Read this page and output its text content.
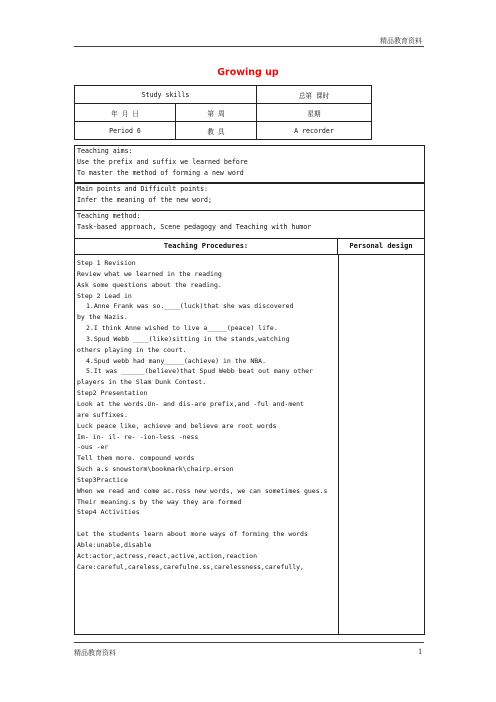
精品教育资料
Growing up
Study skills		总第 课时
年 月 日	第 周	星期
Period 6	教 具	A recorder
Teaching aims:
Use the prefix and suffix we learned before
To master the method of forming a new word
Main points and Difficult points:
Infer the meaning of the new word;
Teaching method:
Task-based approach, Scene pedagogy and Teaching with humor
Teaching Procedures:	Personal design
Step 1 Revision
Review what we learned in the reading
Ask some questions about the reading.
Step 2 Lead in
1.Anne Frank was so.____(luck)that she was discovered
by the Nazis.
2.I think Anne wished to live a_____(peace) life.
3.Spud Webb ____(like)sitting in the stands,watching
others playing in the court.
4.Spud webb had many_____(achieve) in the NBA.
5.It was ______(believe)that Spud Webb beat out many other
players in the Slam Dunk Contest.
Step2 Presentation
Look at the words.Un- and dis-are prefix,and -ful and-ment
are suffixes.
Luck peace like, achieve and believe are root words
Im- in- il- re- -ion-less -ness
-ous -er
Tell them more. compound words
Such a.s snowstorm\bookmark\chairp.erson
Step3Practice
When we read and come ac.ross new words, we can sometimes gues.s
Their meaning.s by the way they are formed
Step4 Activities
Let the students learn about more ways of forming the words
Able:unable,disable
Act:actor,actress,react,active,action,reaction
Care:careful,careless,carefulne.ss,carelessness,carefully,
精品教育资料	1
